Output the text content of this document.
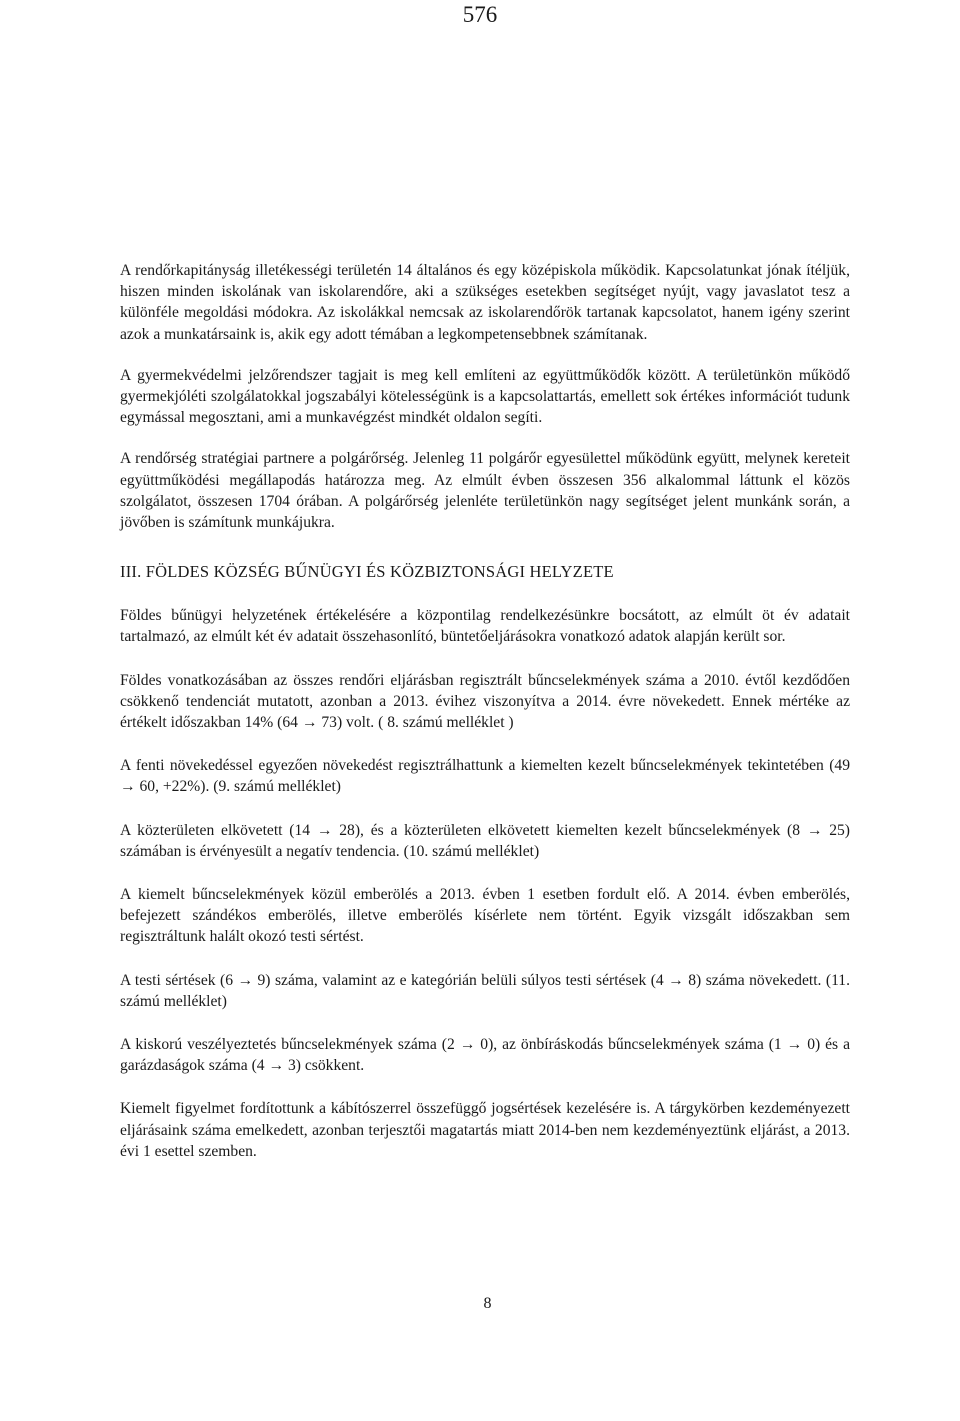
576

A rendőrkapitányság illetékességi területén 14 általános és egy középiskola működik. Kapcsolatunkat jónak ítéljük, hiszen minden iskolának van iskolarendőre, aki a szükséges esetekben segítséget nyújt, vagy javaslatot tesz a különféle megoldási módokra. Az iskolákkal nemcsak az iskolarendőrök tartanak kapcsolatot, hanem igény szerint azok a munkatársaink is, akik egy adott témában a legkompetensebbnek számítanak.

A gyermekvédelmi jelzőrendszer tagjait is meg kell említeni az együttműködők között. A területünkön működő gyermekjóléti szolgálatokkal jogszabályi kötelességünk is a kapcsolattartás, emellett sok értékes információt tudunk egymással megosztani, ami a munkavégzést mindkét oldalon segíti.

A rendőrség stratégiai partnere a polgárőrség. Jelenleg 11 polgárőr egyesülettel működünk együtt, melynek kereteit együttműködési megállapodás határozza meg. Az elmúlt évben összesen 356 alkalommal láttunk el közös szolgálatot, összesen 1704 órában. A polgárőrség jelenléte területünkön nagy segítséget jelent munkánk során, a jövőben is számítunk munkájukra.

III. FÖLDES KÖZSÉG BŰNÜGYI ÉS KÖZBIZTONSÁGI HELYZETE

Földes bűnügyi helyzetének értékelésére a központilag rendelkezésünkre bocsátott, az elmúlt öt év adatait tartalmazó, az elmúlt két év adatait összehasonlító, büntetőeljárásokra vonatkozó adatok alapján került sor.

Földes vonatkozásában az összes rendőri eljárásban regisztrált bűncselekmények száma a 2010. évtől kezdődően csökkenő tendenciát mutatott, azonban a 2013. évihez viszonyítva a 2014. évre növekedett. Ennek mértéke az értékelt időszakban 14% (64 → 73) volt. ( 8. számú melléklet )

A fenti növekedéssel egyezően növekedést regisztrálhattunk a kiemelten kezelt bűncselekmények tekintetében (49 → 60, +22%). (9. számú melléklet)

A közterületen elkövetett (14 → 28), és a közterületen elkövetett kiemelten kezelt bűncselekmények (8 → 25) számában is érvényesült a negatív tendencia. (10. számú melléklet)

A kiemelt bűncselekmények közül emberölés a 2013. évben 1 esetben fordult elő. A 2014. évben emberölés, befejezett szándékos emberölés, illetve emberölés kísérlete nem történt. Egyik vizsgált időszakban sem regisztráltunk halált okozó testi sértést.

A testi sértések (6 → 9) száma, valamint az e kategórián belüli súlyos testi sértések (4 → 8) száma növekedett. (11. számú melléklet)

A kiskorú veszélyeztetés bűncselekmények száma (2 → 0), az önbíráskodás bűncselekmények száma (1 → 0) és a garázdaságok száma (4 → 3) csökkent.

Kiemelt figyelmet fordítottunk a kábítószerrel összefüggő jogsértések kezelésére is. A tárgykörben kezdeményezett eljárásaink száma emelkedett, azonban terjesztői magatartás miatt 2014-ben nem kezdeményeztünk eljárást, a 2013. évi 1 esettel szemben.

8
